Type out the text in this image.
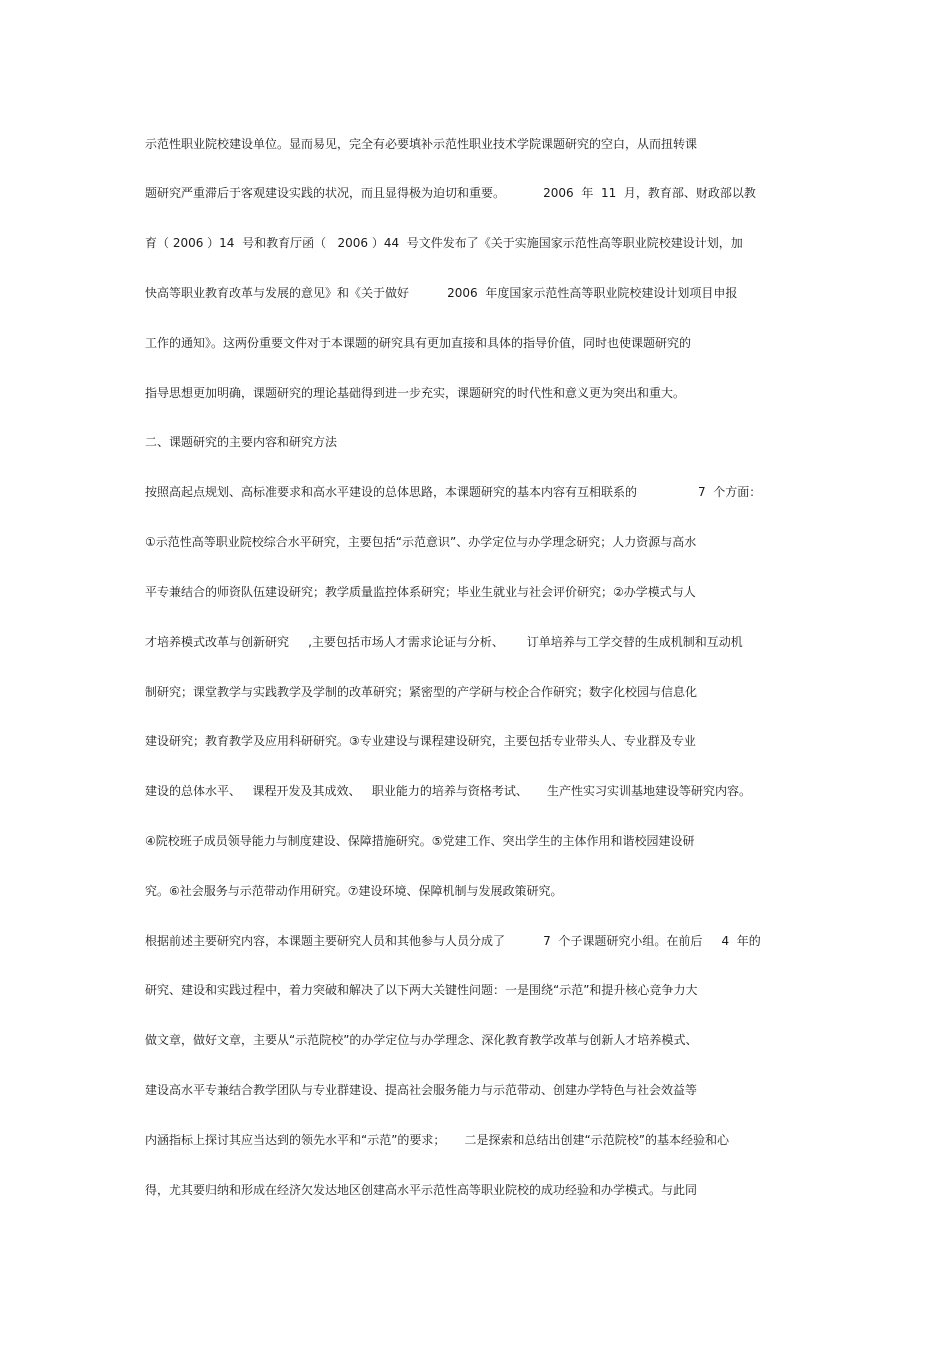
示范性职业院校建设单位。显而易见，完全有必要填补示范性职业技术学院课题研究的空白，从而扭转课
题研究严重滞后于客观建设实践的状况，而且显得极为迫切和重要。          2006  年  11  月，教育部、财政部以教
育（ 2006 ）14  号和教育厅函（   2006 ）44  号文件发布了《关于实施国家示范性高等职业院校建设计划，加
快高等职业教育改革与发展的意见》和《关于做好          2006  年度国家示范性高等职业院校建设计划项目申报
工作的通知》。这两份重要文件对于本课题的研究具有更加直接和具体的指导价值，同时也使课题研究的
指导思想更加明确，课题研究的理论基础得到进一步充实，课题研究的时代性和意义更为突出和重大。
二、课题研究的主要内容和研究方法
按照高起点规划、高标准要求和高水平建设的总体思路，本课题研究的基本内容有互相联系的                7  个方面：
①示范性高等职业院校综合水平研究，主要包括“示范意识”、办学定位与办学理念研究；人力资源与高水
平专兼结合的师资队伍建设研究；教学质量监控体系研究；毕业生就业与社会评价研究；②办学模式与人
才培养模式改革与创新研究     ,主要包括市场人才需求论证与分析、      订单培养与工学交替的生成机制和互动机
制研究；课堂教学与实践教学及学制的改革研究；紧密型的产学研与校企合作研究；数字化校园与信息化
建设研究；教育教学及应用科研研究。③专业建设与课程建设研究，主要包括专业带头人、专业群及专业
建设的总体水平、   课程开发及其成效、   职业能力的培养与资格考试、     生产性实习实训基地建设等研究内容。
④院校班子成员领导能力与制度建设、保障措施研究。⑤党建工作、突出学生的主体作用和谐校园建设研
究。⑥社会服务与示范带动作用研究。⑦建设环境、保障机制与发展政策研究。
根据前述主要研究内容，本课题主要研究人员和其他参与人员分成了          7  个子课题研究小组。在前后     4  年的
研究、建设和实践过程中，着力突破和解决了以下两大关键性问题：一是围绕“示范”和提升核心竞争力大
做文章，做好文章，主要从“示范院校”的办学定位与办学理念、深化教育教学改革与创新人才培养模式、
建设高水平专兼结合教学团队与专业群建设、提高社会服务能力与示范带动、创建办学特色与社会效益等
内涵指标上探讨其应当达到的领先水平和“示范”的要求；     二是探索和总结出创建“示范院校”的基本经验和心
得，尤其要归纳和形成在经济欠发达地区创建高水平示范性高等职业院校的成功经验和办学模式。与此同
